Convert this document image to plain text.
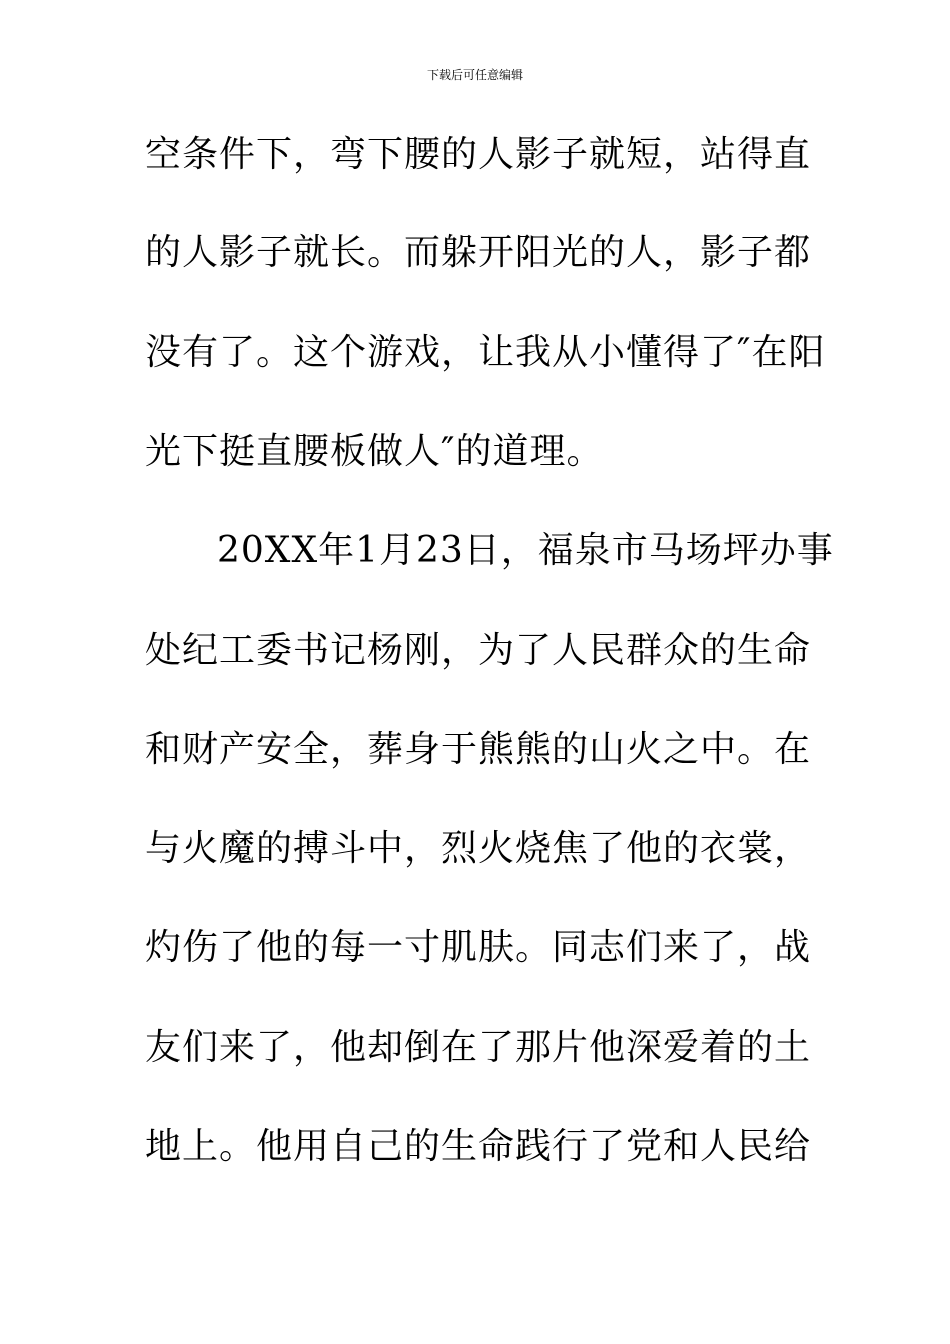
下载后可任意编辑
空条件下，弯下腰的人影子就短，站得直
的人影子就长。而躲开阳光的人，影子都
没有了。这个游戏，让我从小懂得了″在阳
光下挺直腰板做人″的道理。
20XX年1月23日，福泉市马场坪办事
处纪工委书记杨刚，为了人民群众的生命
和财产安全，葬身于熊熊的山火之中。在
与火魔的搏斗中，烈火烧焦了他的衣裳，
灼伤了他的每一寸肌肤。同志们来了，战
友们来了，他却倒在了那片他深爱着的土
地上。他用自己的生命践行了党和人民给
